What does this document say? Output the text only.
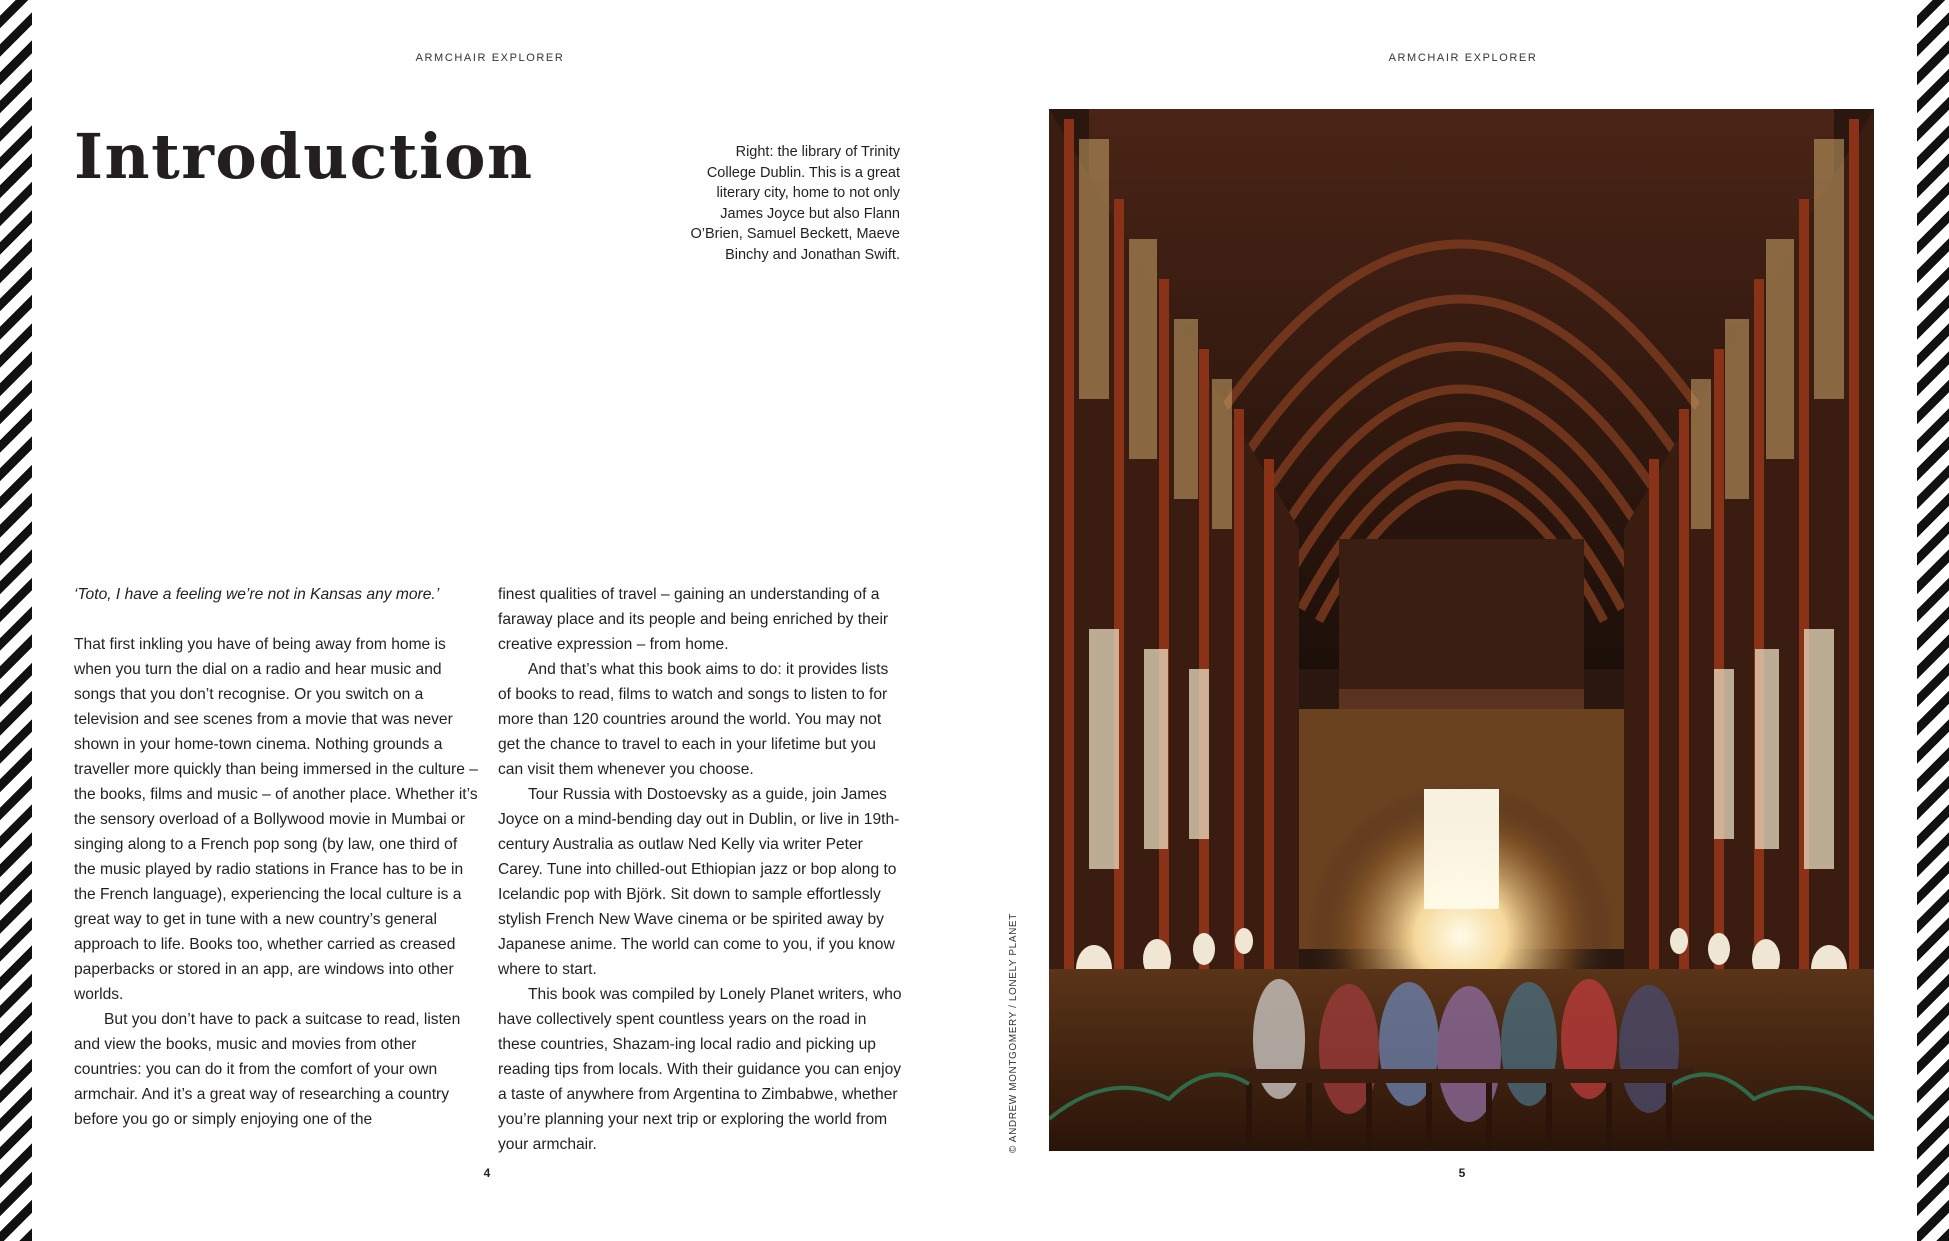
ARMCHAIR EXPLORER	ARMCHAIR EXPLORER
Introduction	Right: the library of Trinity College Dublin. This is a great literary city, home to not only James Joyce but also Flann O’Brien, Samuel Beckett, Maeve Binchy and Jonathan Swift.

‘Toto, I have a feeling we’re not in Kansas any more.’

That first inkling you have of being away from home is when you turn the dial on a radio and hear music and songs that you don’t recognise. Or you switch on a television and see scenes from a movie that was never shown in your home-town cinema. Nothing grounds a traveller more quickly than being immersed in the culture – the books, films and music – of another place. Whether it’s the sensory overload of a Bollywood movie in Mumbai or singing along to a French pop song (by law, one third of the music played by radio stations in France has to be in the French language), experiencing the local culture is a great way to get in tune with a new country’s general approach to life. Books too, whether carried as creased paperbacks or stored in an app, are windows into other worlds.

But you don’t have to pack a suitcase to read, listen and view the books, music and movies from other countries: you can do it from the comfort of your own armchair. And it’s a great way of researching a country before you go or simply enjoying one of the

finest qualities of travel – gaining an understanding of a faraway place and its people and being enriched by their creative expression – from home.

And that’s what this book aims to do: it provides lists of books to read, films to watch and songs to listen to for more than 120 countries around the world. You may not get the chance to travel to each in your lifetime but you can visit them whenever you choose.

Tour Russia with Dostoevsky as a guide, join James Joyce on a mind-bending day out in Dublin, or live in 19th-century Australia as outlaw Ned Kelly via writer Peter Carey. Tune into chilled-out Ethiopian jazz or bop along to Icelandic pop with Björk. Sit down to sample effortlessly stylish French New Wave cinema or be spirited away by Japanese anime. The world can come to you, if you know where to start.

This book was compiled by Lonely Planet writers, who have collectively spent countless years on the road in these countries, Shazam-ing local radio and picking up reading tips from locals. With their guidance you can enjoy a taste of anywhere from Argentina to Zimbabwe, whether you’re planning your next trip or exploring the world from your armchair.

4	5
© ANDREW MONTGOMERY / LONELY PLANET
